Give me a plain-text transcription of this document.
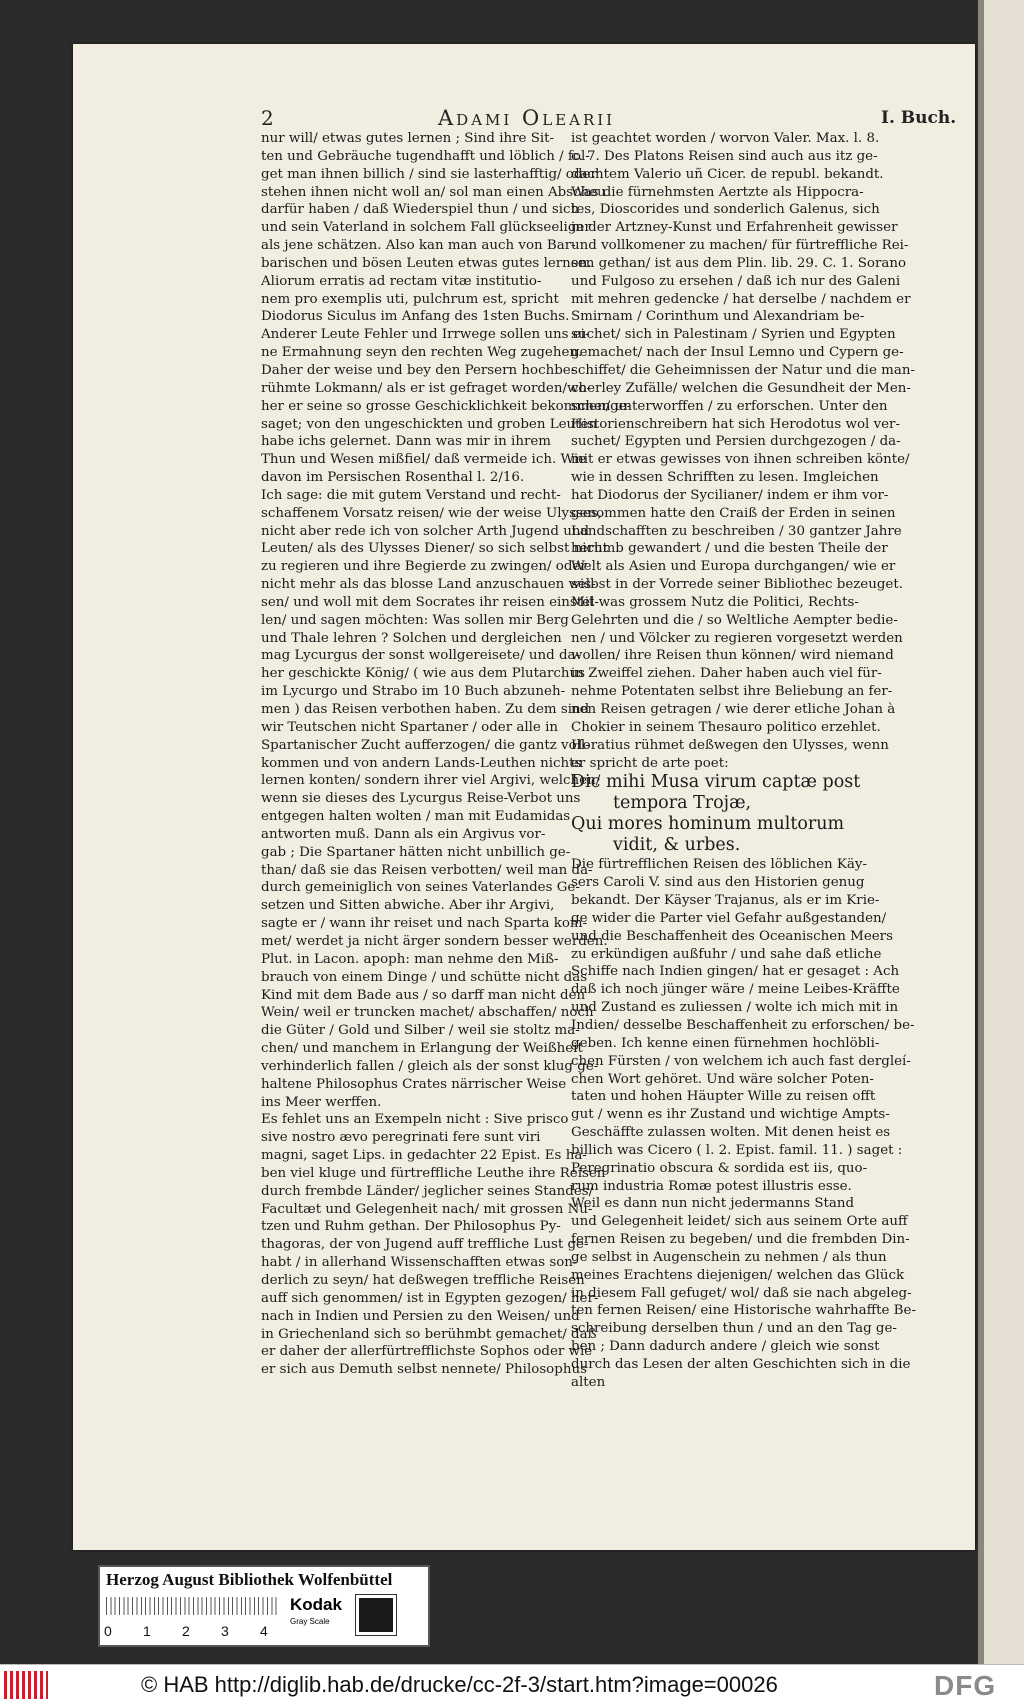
2	Adami Olearii	I. Buch.
nur will/ etwas gutes lernen ; Sind ihre Sit-
ten und Gebräuche tugendhafft und löblich / fol-
get man ihnen billich / sind sie lasterhafftig/ oder
stehen ihnen nicht woll an/ sol man einen Abscheu
darfür haben / daß Wiederspiel thun / und sich
und sein Vaterland in solchem Fall glückseeliger
als jene schätzen. Also kan man auch von Bar-
barischen und bösen Leuten etwas gutes lernen.
Aliorum erratis ad rectam vitæ institutio-
nem pro exemplis uti, pulchrum est, spricht
Diodorus Siculus im Anfang des 1sten Buchs.
Anderer Leute Fehler und Irrwege sollen uns ei-
ne Ermahnung seyn den rechten Weg zugehen.
Daher der weise und bey den Persern hochbe-
rühmte Lokmann/ als er ist gefraget worden/wo-
her er seine so grosse Geschicklichkeit bekommen/ge-
saget; von den ungeschickten und groben Leuten
habe ichs gelernet. Dann was mir in ihrem
Thun und Wesen mißfiel/ daß vermeide ich. Wie
davon im Persischen Rosenthal l. 2/16.
Ich sage: die mit gutem Verstand und recht-
schaffenem Vorsatz reisen/ wie der weise Ulysses,
nicht aber rede ich von solcher Arth Jugend und
Leuten/ als des Ulysses Diener/ so sich selbst nicht
zu regieren und ihre Begierde zu zwingen/ oder
nicht mehr als das blosse Land anzuschauen wis-
sen/ und woll mit dem Socrates ihr reisen einstel-
len/ und sagen möchten: Was sollen mir Berg
und Thale lehren ? Solchen und dergleichen
mag Lycurgus der sonst wollgereisete/ und da-
her geschickte König/ ( wie aus dem Plutarchus
im Lycurgo und Strabo im 10 Buch abzuneh-
men ) das Reisen verbothen haben. Zu dem sind
wir Teutschen nicht Spartaner / oder alle in
Spartanischer Zucht aufferzogen/ die gantz voll-
kommen und von andern Lands-Leuthen nichts
lernen konten/ sondern ihrer viel Argivi, welchen/
wenn sie dieses des Lycurgus Reise-Verbot uns
entgegen halten wolten / man mit Eudamidas
antworten muß. Dann als ein Argivus vor-
gab ; Die Spartaner hätten nicht unbillich ge-
than/ daß sie das Reisen verbotten/ weil man da-
durch gemeiniglich von seines Vaterlandes Ge-
setzen und Sitten abwiche. Aber ihr Argivi,
sagte er / wann ihr reiset und nach Sparta kom-
met/ werdet ja nicht ärger sondern besser werden.
Plut. in Lacon. apoph: man nehme den Miß-
brauch von einem Dinge / und schütte nicht das
Kind mit dem Bade aus / so darff man nicht den
Wein/ weil er truncken machet/ abschaffen/ noch
die Güter / Gold und Silber / weil sie stoltz ma-
chen/ und manchem in Erlangung der Weißheit
verhinderlich fallen / gleich als der sonst klug ge-
haltene Philosophus Crates närrischer Weise
ins Meer werffen.
Es fehlet uns an Exempeln nicht : Sive prisco
sive nostro ævo peregrinati fere sunt viri
magni, saget Lips. in gedachter 22 Epist. Es ha-
ben viel kluge und fürtreffliche Leuthe ihre Reisen
durch frembde Länder/ jeglicher seines Standes/
Facultæt und Gelegenheit nach/ mit grossen Nu-
tzen und Ruhm gethan. Der Philosophus Py-
thagoras, der von Jugend auff treffliche Lust ge-
habt / in allerhand Wissenschafften etwas son-
derlich zu seyn/ hat deßwegen treffliche Reisen
auff sich genommen/ ist in Egypten gezogen/ her-
nach in Indien und Persien zu den Weisen/ und
in Griechenland sich so berühmbt gemachet/ daß
er daher der allerfürtrefflichste Sophos oder wie
er sich aus Demuth selbst nennete/ Philosophus
ist geachtet worden / worvon Valer. Max. l. 8.
c. 7. Des Platons Reisen sind auch aus itz ge-
dachtem Valerio uñ Cicer. de republ. bekandt.
Was die fürnehmsten Aertzte als Hippocra-
tes, Dioscorides und sonderlich Galenus, sich
in der Artzney-Kunst und Erfahrenheit gewisser
und vollkomener zu machen/ für fürtreffliche Rei-
sen gethan/ ist aus dem Plin. lib. 29. C. 1. Sorano
und Fulgoso zu ersehen / daß ich nur des Galeni
mit mehren gedencke / hat derselbe / nachdem er
Smirnam / Corinthum und Alexandriam be-
suchet/ sich in Palestinam / Syrien und Egypten
gemachet/ nach der Insul Lemno und Cypern ge-
schiffet/ die Geheimnissen der Natur und die man-
cherley Zufälle/ welchen die Gesundheit der Men-
schen unterworffen / zu erforschen. Unter den
Historienschreibern hat sich Herodotus wol ver-
suchet/ Egypten und Persien durchgezogen / da-
mit er etwas gewisses von ihnen schreiben könte/
wie in dessen Schrifften zu lesen. Imgleichen
hat Diodorus der Sycilianer/ indem er ihm vor-
genommen hatte den Craiß der Erden in seinen
Landschafften zu beschreiben / 30 gantzer Jahre
herumb gewandert / und die besten Theile der
Welt als Asien und Europa durchgangen/ wie er
selbst in der Vorrede seiner Bibliothec bezeuget.
Mit was grossem Nutz die Politici, Rechts-
Gelehrten und die / so Weltliche Aempter bedie-
nen / und Völcker zu regieren vorgesetzt werden
wollen/ ihre Reisen thun können/ wird niemand
in Zweiffel ziehen. Daher haben auch viel für-
nehme Potentaten selbst ihre Beliebung an fer-
nen Reisen getragen / wie derer etliche Johan à
Chokier in seinem Thesauro politico erzehlet.
Horatius rühmet deßwegen den Ulysses, wenn
er spricht de arte poet:
Dic mihi Musa virum captæ post
tempora Trojæ,
Qui mores hominum multorum
vidit, & urbes.
Die fürtrefflichen Reisen des löblichen Käy-
sers Caroli V. sind aus den Historien genug
bekandt. Der Käyser Trajanus, als er im Krie-
ge wider die Parter viel Gefahr außgestanden/
und die Beschaffenheit des Oceanischen Meers
zu erkündigen außfuhr / und sahe daß etliche
Schiffe nach Indien gingen/ hat er gesaget : Ach
daß ich noch jünger wäre / meine Leibes-Kräffte
und Zustand es zuliessen / wolte ich mich mit in
Indien/ desselbe Beschaffenheit zu erforschen/ be-
geben. Ich kenne einen fürnehmen hochlöbli-
chen Fürsten / von welchem ich auch fast dergleí-
chen Wort gehöret. Und wäre solcher Poten-
taten und hohen Häupter Wille zu reisen offt
gut / wenn es ihr Zustand und wichtige Ampts-
Geschäffte zulassen wolten. Mit denen heist es
billich was Cicero ( l. 2. Epist. famil. 11. ) saget :
Peregrinatio obscura & sordida est iis, quo-
rum industria Romæ potest illustris esse.
Weil es dann nun nicht jedermanns Stand
und Gelegenheit leidet/ sich aus seinem Orte auff
fernen Reisen zu begeben/ und die frembden Din-
ge selbst in Augenschein zu nehmen / als thun
meines Erachtens diejenigen/ welchen das Glück
in diesem Fall gefuget/ wol/ daß sie nach abgeleg-
ten fernen Reisen/ eine Historische wahrhaffte Be-
schreibung derselben thun / und an den Tag ge-
ben ; Dann dadurch andere / gleich wie sonst
durch das Lesen der alten Geschichten sich in die
alten
Herzog August Bibliothek Wolfenbüttel
0 1 2 3 4
Kodak
Gray Scale
© HAB http://diglib.hab.de/drucke/cc-2f-3/start.htm?image=00026	DFG
